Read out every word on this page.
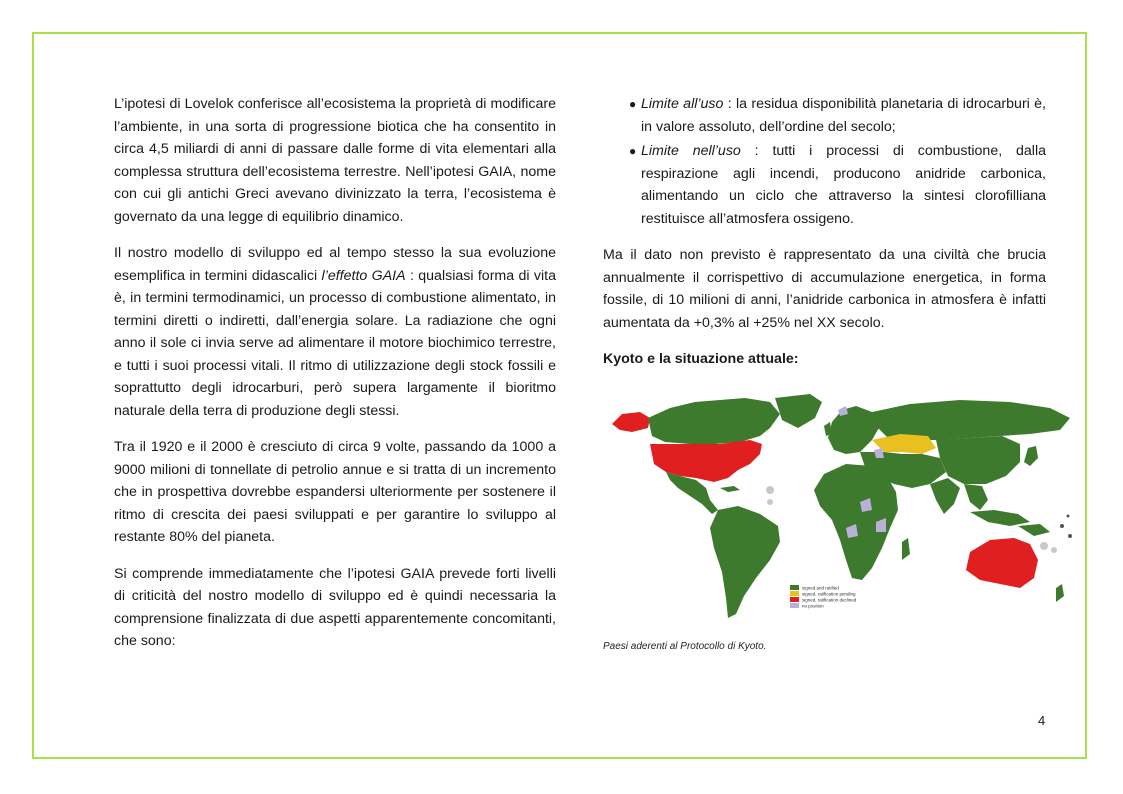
L’ipotesi di Lovelok conferisce all’ecosistema la proprietà di modificare l’ambiente, in una sorta di progressione biotica che ha consentito in circa 4,5 miliardi di anni di passare dalle forme di vita elementari alla complessa struttura dell’ecosistema terrestre. Nell’ipotesi GAIA, nome con cui gli antichi Greci avevano divinizzato la terra, l’ecosistema è governato da una legge di equilibrio dinamico.

Il nostro modello di sviluppo ed al tempo stesso la sua evoluzione esemplifica in termini didascalici l’effetto GAIA : qualsiasi forma di vita è, in termini termodinamici, un processo di combustione alimentato, in termini diretti o indiretti, dall’energia solare. La radiazione che ogni anno il sole ci invia serve ad alimentare il motore biochimico terrestre, e tutti i suoi processi vitali. Il ritmo di utilizzazione degli stock fossili e soprattutto degli idrocarburi, però supera largamente il bioritmo naturale della terra di produzione degli stessi.

Tra il 1920 e il 2000 è cresciuto di circa 9 volte, passando da 1000 a 9000 milioni di tonnellate di petrolio annue e si tratta di un incremento che in prospettiva dovrebbe espandersi ulteriormente per sostenere il ritmo di crescita dei paesi sviluppati e per garantire lo sviluppo al restante 80% del pianeta.

Si comprende immediatamente che l’ipotesi GAIA prevede forti livelli di criticità del nostro modello di sviluppo ed è quindi necessaria la comprensione finalizzata di due aspetti apparentemente concomitanti, che sono:

● Limite all’uso : la residua disponibilità planetaria di idrocarburi è, in valore assoluto, dell’ordine del secolo;
● Limite nell’uso : tutti i processi di combustione, dalla respirazione agli incendi, producono anidride carbonica, alimentando un ciclo che attraverso la sintesi clorofilliana restituisce all’atmosfera ossigeno.

Ma il dato non previsto è rappresentato da una civiltà che brucia annualmente il corrispettivo di accumulazione energetica, in forma fossile, di 10 milioni di anni, l’anidride carbonica in atmosfera è infatti aumentata da +0,3% al +25% nel XX secolo.

Kyoto e la situazione attuale:

signed and ratified
signed, ratification pending
signed, ratification declined
no position
Paesi aderenti al Protocollo di Kyoto.
4
